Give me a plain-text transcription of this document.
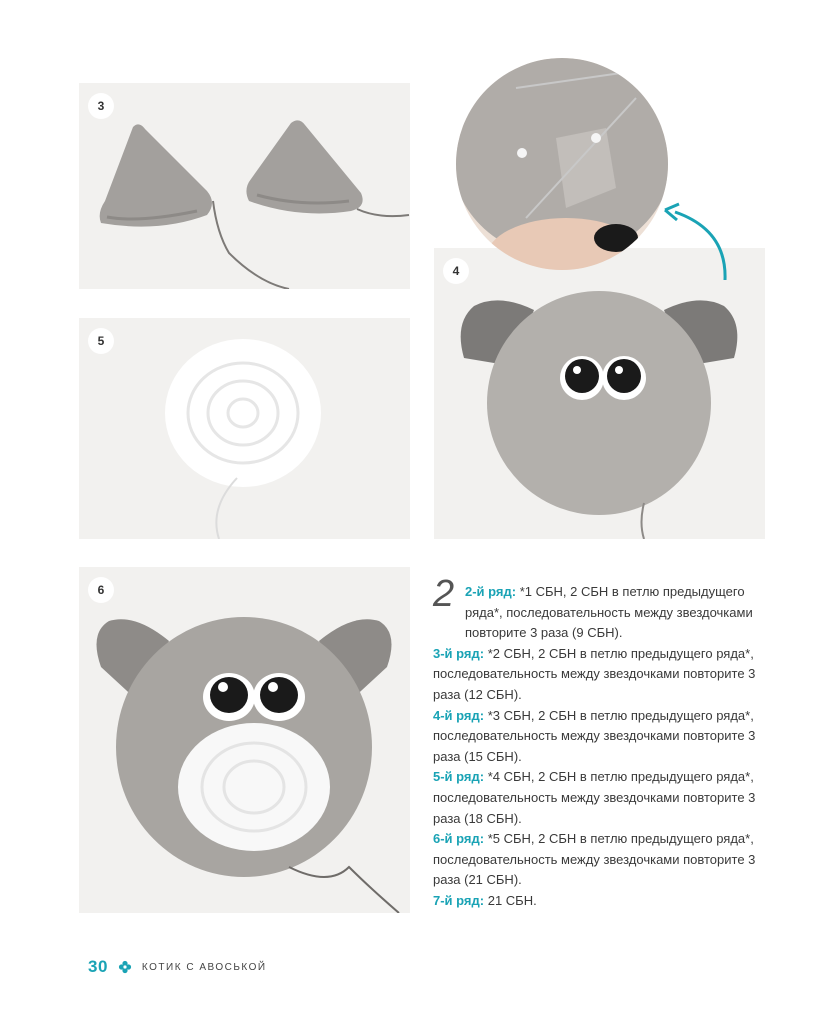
3
5
4
6	2 2-й ряд: *1 СБН, 2 СБН в петлю предыдущего ряда*, последовательность между звездочками повторите 3 раза (9 СБН).

3-й ряд: *2 СБН, 2 СБН в петлю предыдущего ряда*, последовательность между звездочками повторите 3 раза (12 СБН).

4-й ряд: *3 СБН, 2 СБН в петлю предыдущего ряда*, последовательность между звездочками повторите 3 раза (15 СБН).

5-й ряд: *4 СБН, 2 СБН в петлю предыдущего ряда*, последовательность между звездочками повторите 3 раза (18 СБН).

6-й ряд: *5 СБН, 2 СБН в петлю предыдущего ряда*, последовательность между звездочками повторите 3 раза (21 СБН).

7-й ряд: 21 СБН.

30	КОТИК С АВОСЬКОЙ
